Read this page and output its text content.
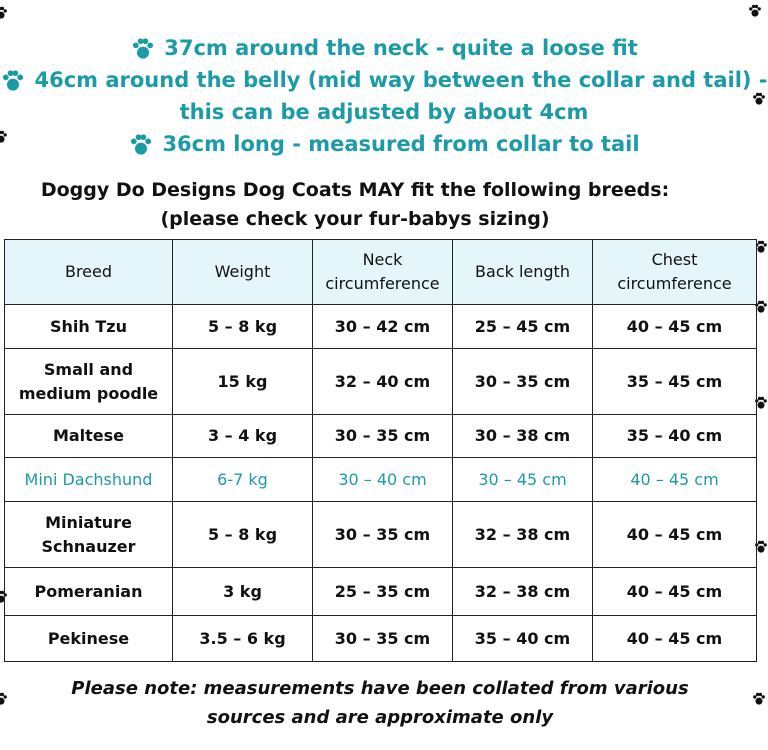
37cm around the neck - quite a loose fit
46cm around the belly (mid way between the collar and tail) -
this can be adjusted by about 4cm
36cm long - measured from collar to tail
Doggy Do Designs Dog Coats MAY fit the following breeds:
(please check your fur-babys sizing)
Breed	Weight	Neck circumference	Back length	Chest circumference
Shih Tzu	5 – 8 kg	30 – 42 cm	25 – 45 cm	40 – 45 cm
Small and medium poodle	15 kg	32 – 40 cm	30 – 35 cm	35 – 45 cm
Maltese	3 – 4 kg	30 – 35 cm	30 – 38 cm	35 – 40 cm
Mini Dachshund	6-7 kg	30 – 40 cm	30 – 45 cm	40 – 45 cm
Miniature Schnauzer	5 – 8 kg	30 – 35 cm	32 – 38 cm	40 – 45 cm
Pomeranian	3 kg	25 – 35 cm	32 – 38 cm	40 – 45 cm
Pekinese	3.5 – 6 kg	30 – 35 cm	35 – 40 cm	40 – 45 cm
Please note: measurements have been collated from various
sources and are approximate only
